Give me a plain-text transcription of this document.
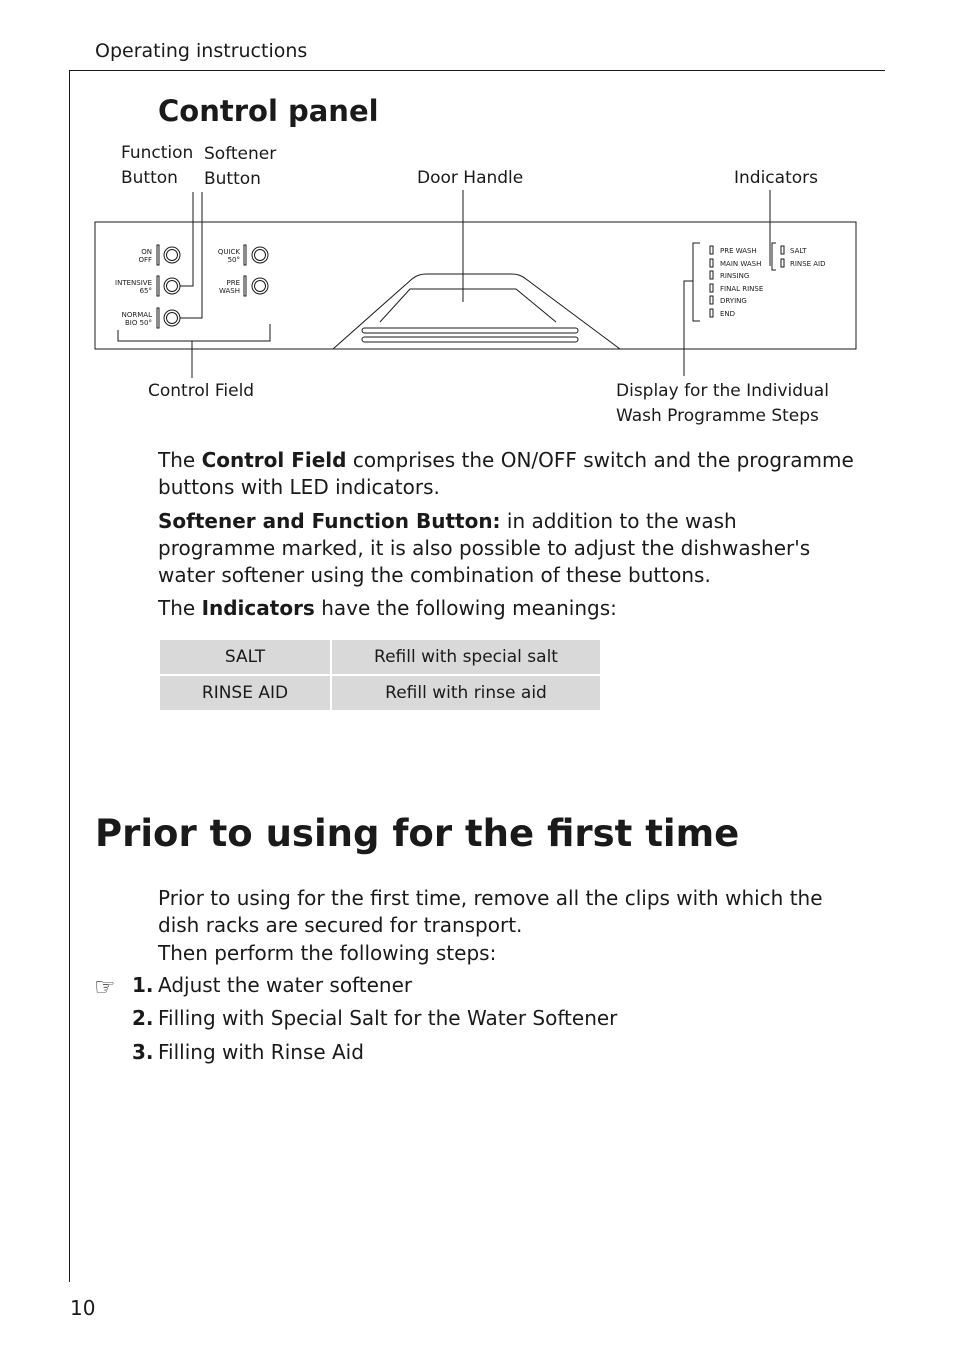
Operating instructions
Control panel
Function
Button
Softener
Button	Door Handle	Indicators
Control Field	Display for the Individual
Wash Programme Steps
ON
OFF
INTENSIVE
65°
NORMAL
BIO 50°
QUICK
50°
PRE
WASH
PRE WASH
MAIN WASH
RINSING
FINAL RINSE
DRYING
END
SALT
RINSE AID
The Control Field comprises the ON/OFF switch and the programme buttons with LED indicators.
Softener and Function Button: in addition to the wash programme marked, it is also possible to adjust the dishwasher's water softener using the combination of these buttons.
The Indicators have the following meanings:
SALT	Refill with special salt
RINSE AID	Refill with rinse aid
Prior to using for the first time
Prior to using for the first time, remove all the clips with which the dish racks are secured for transport.
Then perform the following steps:
☞ 1. Adjust the water softener
2. Filling with Special Salt for the Water Softener
3. Filling with Rinse Aid
10
